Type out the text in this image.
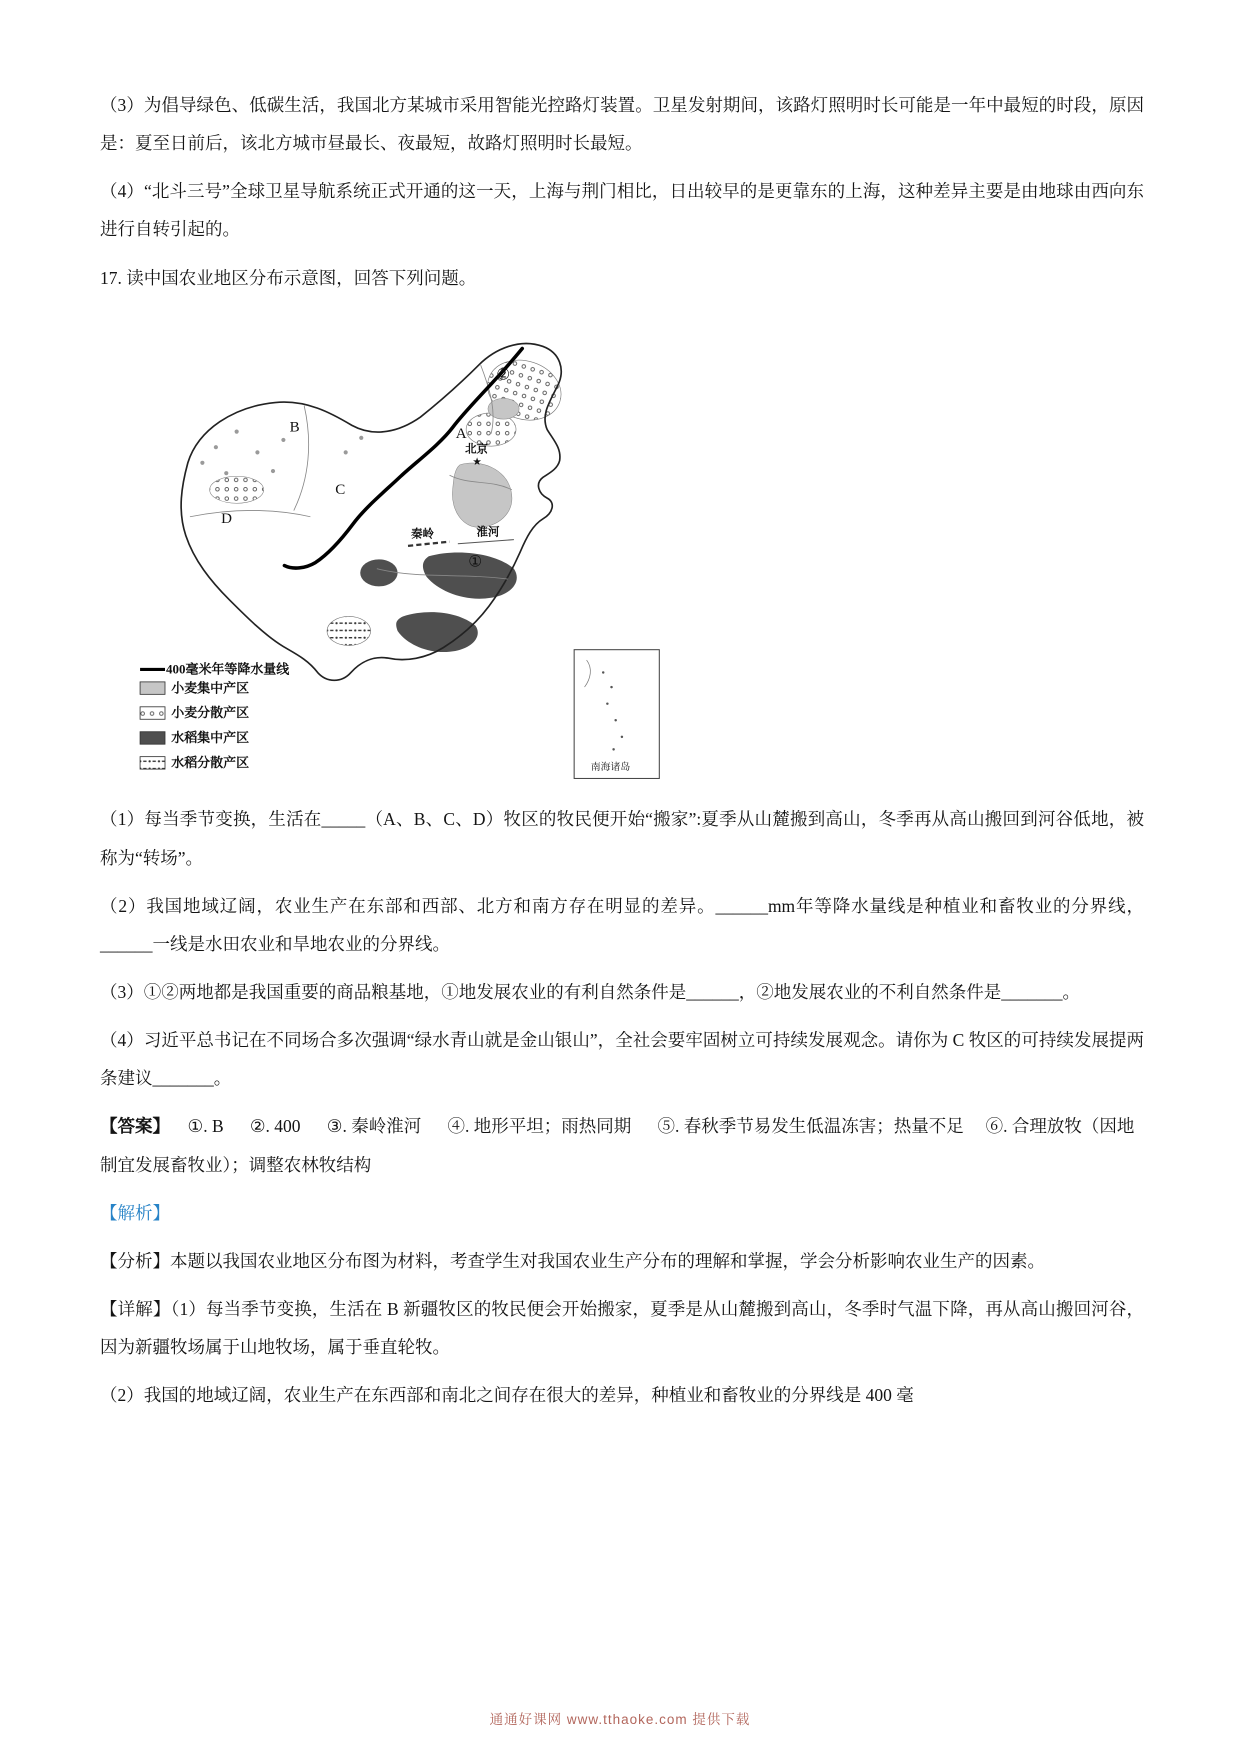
（3）为倡导绿色、低碳生活，我国北方某城市采用智能光控路灯装置。卫星发射期间，该路灯照明时长可能是一年中最短的时段，原因是：夏至日前后，该北方城市昼最长、夜最短，故路灯照明时长最短。

（4）“北斗三号”全球卫星导航系统正式开通的这一天，上海与荆门相比，日出较早的是更靠东的上海，这种差异主要是由地球由西向东进行自转引起的。

17. 读中国农业地区分布示意图，回答下列问题。

②
B	A
北京
★
C
D
秦岭	淮河
①
400毫米年等降水量线
小麦集中产区
小麦分散产区
水稻集中产区
水稻分散产区	南海诸岛

（1）每当季节变换，生活在_____（A、B、C、D）牧区的牧民便开始“搬家”:夏季从山麓搬到高山，冬季再从高山搬回到河谷低地，被称为“转场”。

（2）我国地域辽阔，农业生产在东部和西部、北方和南方存在明显的差异。______mm年等降水量线是种植业和畜牧业的分界线，______一线是水田农业和旱地农业的分界线。

（3）①②两地都是我国重要的商品粮基地，①地发展农业的有利自然条件是______，②地发展农业的不利自然条件是_______。

（4）习近平总书记在不同场合多次强调“绿水青山就是金山银山”，全社会要牢固树立可持续发展观念。请你为 C 牧区的可持续发展提两条建议_______。

【答案】    ①. B      ②. 400      ③. 秦岭淮河      ④. 地形平坦；雨热同期      ⑤. 春秋季节易发生低温冻害；热量不足     ⑥. 合理放牧（因地制宜发展畜牧业）；调整农林牧结构

【解析】

【分析】本题以我国农业地区分布图为材料，考查学生对我国农业生产分布的理解和掌握，学会分析影响农业生产的因素。

【详解】（1）每当季节变换，生活在 B 新疆牧区的牧民便会开始搬家，夏季是从山麓搬到高山，冬季时气温下降，再从高山搬回河谷，因为新疆牧场属于山地牧场，属于垂直轮牧。

（2）我国的地域辽阔，农业生产在东西部和南北之间存在很大的差异，种植业和畜牧业的分界线是 400 毫

通通好课网 www.tthaoke.com 提供下载
